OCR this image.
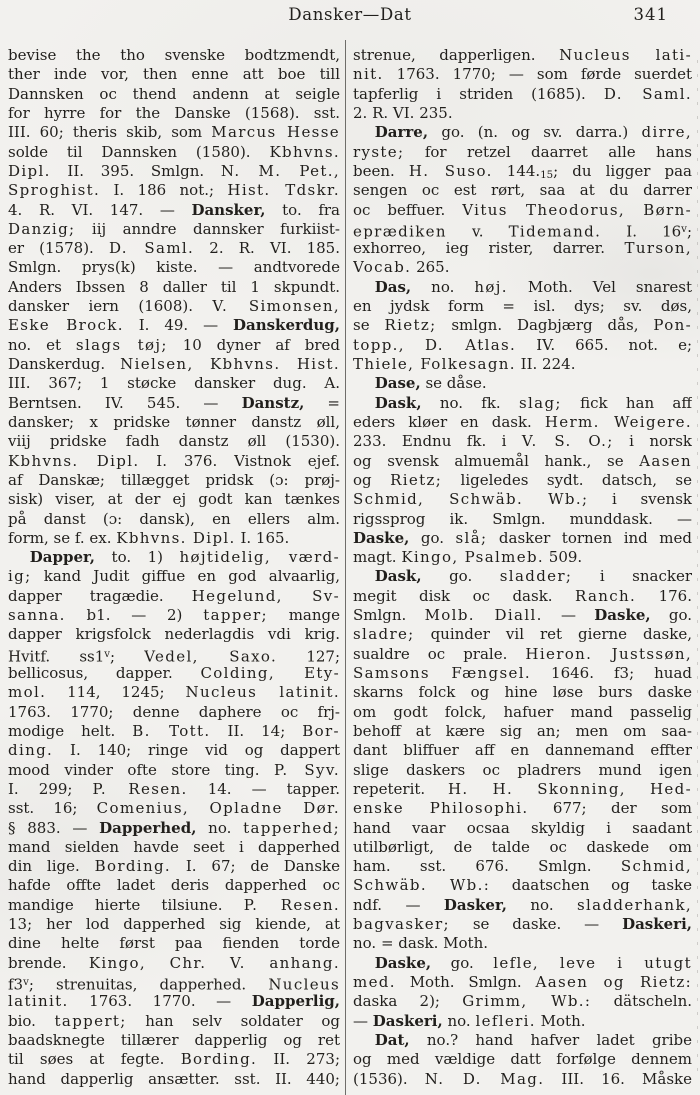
Dansker—Dat	341
bevise the tho svenske bodtzmendt,
ther inde vor, then enne att boe till
Dannsken oc thend andenn at seigle
for hyrre for the Danske (1568). sst.
III. 60; theris skib, som Marcus Hesse
solde til Dannsken (1580). Kbhvns.
Dipl. II. 395. Smlgn. N. M. Pet.,
Sproghist. I. 186 not.; Hist. Tdskr.
4. R. VI. 147. — Dansker, to. fra
Danzig; iij anndre dannsker furkiist-
er (1578). D. Saml. 2. R. VI. 185.
Smlgn. prys(k) kiste. — andtvorede
Anders Ibssen 8 daller til 1 skpundt.
dansker iern (1608). V. Simonsen,
Eske Brock. I. 49. — Danskerdug,
no. et slags tøj; 10 dyner af bred
Danskerdug. Nielsen, Kbhvns. Hist.
III. 367; 1 støcke dansker dug. A.
Berntsen. IV. 545. — Danstz, =
dansker; x pridske tønner danstz øll,
viij pridske fadh danstz øll (1530).
Kbhvns. Dipl. I. 376. Vistnok ejef.
af Danskæ; tillægget pridsk (ɔ: prøj-
sisk) viser, at der ej godt kan tænkes
på danst (ɔ: dansk), en ellers alm.
form, se f. ex. Kbhvns. Dipl. I. 165.
Dapper, to. 1) højtidelig, værd-
ig; kand Judit giffue en god alvaarlig,
dapper tragædie. Hegelund, Sv-
sanna. b1. — 2) tapper; mange
dapper krigsfolck nederlagdis vdi krig.
Hvitf. ss1$^v$; Vedel, Saxo. 127;
bellicosus, dapper. Colding, Ety-
mol. 114, 1245; Nucleus latinit.
1763. 1770; denne daphere oc frj-
modige helt. B. Tott. II. 14; Bor-
ding. I. 140; ringe vid og dappert
mood vinder ofte store ting. P. Syv.
I. 299; P. Resen. 14. — tapper.
sst. 16; Comenius, Opladne Dør.
§ 883. — Dapperhed, no. tapperhed;
mand sielden havde seet i dapperhed
din lige. Bording. I. 67; de Danske
hafde offte ladet deris dapperhed oc
mandige hierte tilsiune. P. Resen.
13; her lod dapperhed sig kiende, at
dine helte først paa fienden torde
brende. Kingo, Chr. V. anhang.
f3$^v$; strenuitas, dapperhed. Nucleus
latinit. 1763. 1770. — Dapperlig,
bio. tappert; han selv soldater og
baadsknegte tillærer dapperlig og ret
til søes at fegte. Bording. II. 273;
hand dapperlig ansætter. sst. II. 440;
strenue, dapperligen. Nucleus lati-
nit. 1763. 1770; — som førde suerdet
tapferlig i striden (1685). D. Saml.
2. R. VI. 235.
Darre, go. (n. og sv. darra.) dirre,
ryste; for retzel daarret alle hans
been. H. Suso. 144.15; du ligger paa
sengen oc est rørt, saa at du darrer
oc beffuer. Vitus Theodorus, Børn-
eprædiken v. Tidemand. I. 16$^v$;
exhorreo, ieg rister, darrer. Turson,
Vocab. 265.
Das, no. høj. Moth. Vel snarest
en jydsk form = isl. dys; sv. døs,
se Rietz; smlgn. Dagbjærg dås, Pon-
topp., D. Atlas. IV. 665. not. e;
Thiele, Folkesagn. II. 224.
Dase, se dåse.
Dask, no. fk. slag; fick han aff
eders kløer en dask. Herm. Weigere.
233. Endnu fk. i V. S. O.; i norsk
og svensk almuemål hank., se Aasen
og Rietz; ligeledes sydt. datsch, se
Schmid, Schwäb. Wb.; i svensk
rigssprog ik. Smlgn. munddask. —
Daske, go. slå; dasker tornen ind med
magt. Kingo, Psalmeb. 509.
Dask, go. sladder; i snacker
megit disk oc dask. Ranch. 176.
Smlgn. Molb. Diall. — Daske, go.
sladre; quinder vil ret gierne daske,
sualdre oc prale. Hieron. Justssøn,
Samsons Fængsel. 1646. f3; huad
skarns folck og hine løse burs daske
om godt folck, hafuer mand passelig
behoff at kære sig an; men om saa-
dant bliffuer aff en dannemand effter
slige daskers oc pladrers mund igen
repeterit. H. H. Skonning, Hed-
enske Philosophi. 677; der som
hand vaar ocsaa skyldig i saadant
utilbørligt, de talde oc daskede om
ham. sst. 676. Smlgn. Schmid,
Schwäb. Wb.: daatschen og taske
ndf. — Dasker, no. sladderhank,
bagvasker; se daske. — Daskeri,
no. = dask. Moth.
Daske, go. lefle, leve i utugt
med. Moth. Smlgn. Aasen og Rietz:
daska 2); Grimm, Wb.: dätscheln.
— Daskeri, no. lefleri. Moth.
Dat, no.? hand hafver ladet gribe
og med vældige datt forfølge dennem
(1536). N. D. Mag. III. 16. Måske
